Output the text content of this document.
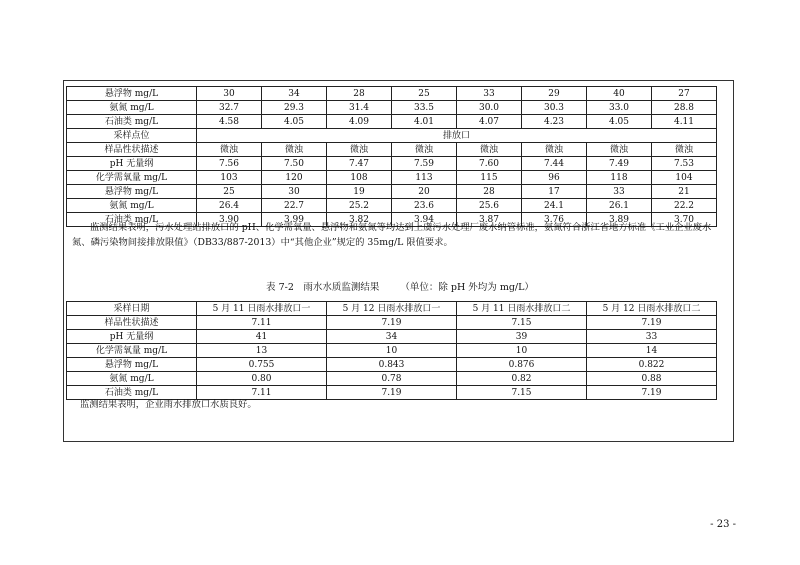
悬浮物 mg/L	30	34	28	25	33	29	40	27
氨氮 mg/L	32.7	29.3	31.4	33.5	30.0	30.3	33.0	28.8
石油类 mg/L	4.58	4.05	4.09	4.01	4.07	4.23	4.05	4.11
采样点位	排放口							
样品性状描述	微浊	微浊	微浊	微浊	微浊	微浊	微浊	微浊
pH 无量纲	7.56	7.50	7.47	7.59	7.60	7.44	7.49	7.53
化学需氧量 mg/L	103	120	108	113	115	96	118	104
悬浮物 mg/L	25	30	19	20	28	17	33	21
氨氮 mg/L	26.4	22.7	25.2	23.6	25.6	24.1	26.1	22.2
石油类 mg/L	3.90	3.99	3.82	3.94	3.87	3.76	3.89	3.70

监测结果表明，污水处理站排放口的 pH、化学需氧量、悬浮物和氨氮等均达到上虞污水处理厂废水纳管标准，氨氮符合浙江省地方标准《工业企业废水氮、磷污染物间接排放限值》（DB33/887-2013）中“其他企业”规定的 35mg/L 限值要求。

表 7-2　雨水水质监测结果 （单位：除 pH 外均为 mg/L）
采样日期	5 月 11 日雨水排放口一	5 月 12 日雨水排放口一	5 月 11 日雨水排放口二	5 月 12 日雨水排放口二
样品性状描述	7.11	7.19	7.15	7.19
pH 无量纲	41	34	39	33
化学需氧量 mg/L	13	10	10	14
悬浮物 mg/L	0.755	0.843	0.876	0.822
氨氮 mg/L	0.80	0.78	0.82	0.88
石油类 mg/L	7.11	7.19	7.15	7.19

监测结果表明，企业雨水排放口水质良好。

- 23 -
